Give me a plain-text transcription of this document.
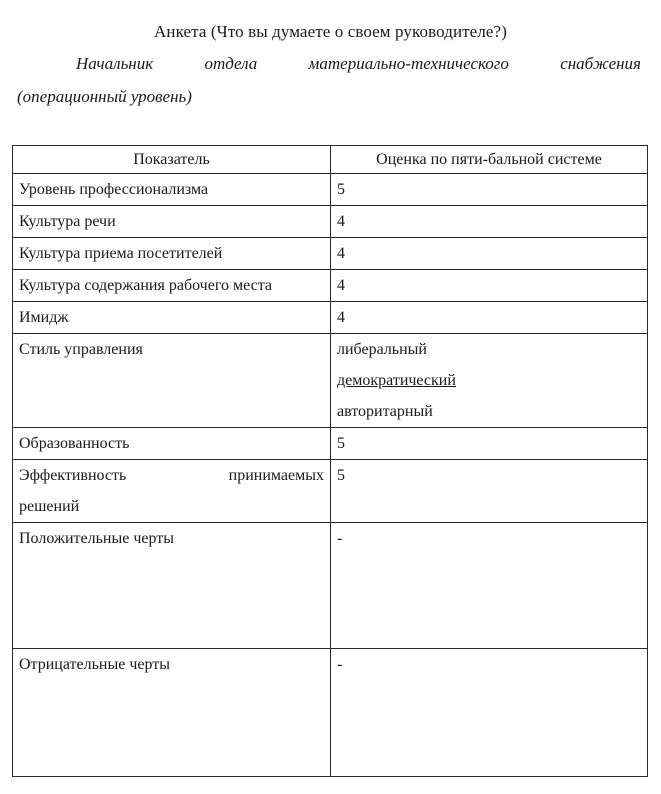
Анкета (Что вы думаете о своем руководителе?)
Начальник	отдела	материально-технического	снабжения
(операционный уровень)
Показатель	Оценка по пяти-бальной системе
Уровень профессионализма	5
Культура речи	4
Культура приема посетителей	4
Культура содержания рабочего места	4
Имидж	4
Стиль управления	либеральный
демократический
авторитарный

Образованность	5

Эффективность принимаемых
решений	5
Положительные черты	-
Отрицательные черты	-
